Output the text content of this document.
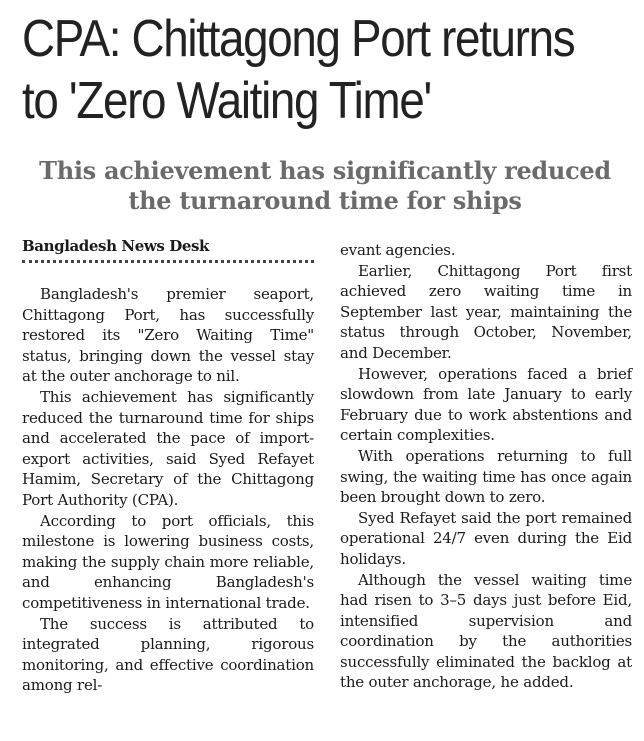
CPA: Chittagong Port returns
to 'Zero Waiting Time'
This achievement has significantly reduced
the turnaround time for ships
Bangladesh News Desk

Bangladesh's premier seaport, Chittagong Port, has successfully restored its "Zero Waiting Time" status, bringing down the vessel stay at the outer anchorage to nil.

This achievement has significantly reduced the turnaround time for ships and accelerated the pace of import-export activities, said Syed Refayet Hamim, Secretary of the Chittagong Port Authority (CPA).

According to port officials, this milestone is lowering business costs, making the supply chain more reliable, and enhancing Bangladesh's competitiveness in international trade.

The success is attributed to integrated planning, rigorous monitoring, and effective coordination among rel-

evant agencies.

Earlier, Chittagong Port first achieved zero waiting time in September last year, maintaining the status through October, November, and December.

However, operations faced a brief slowdown from late January to early February due to work abstentions and certain complexities.

With operations returning to full swing, the waiting time has once again been brought down to zero.

Syed Refayet said the port remained operational 24/7 even during the Eid holidays.

Although the vessel waiting time had risen to 3–5 days just before Eid, intensified supervision and coordination by the authorities successfully eliminated the backlog at the outer anchorage, he added.
